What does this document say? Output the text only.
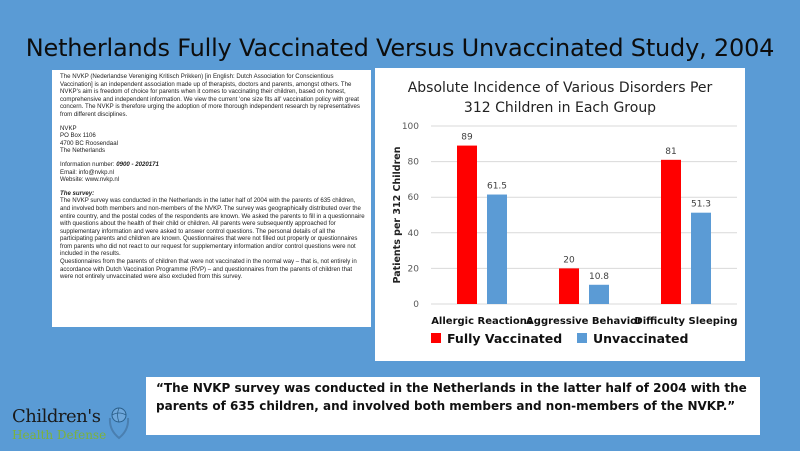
Netherlands Fully Vaccinated Versus Unvaccinated Study, 2004

The NVKP (Nederlandse Vereniging Kritisch Prikken) [in English: Dutch Association for Conscientious Vaccination] is an independent association made up of therapists, doctors and parents, amongst others. The NVKP's aim is freedom of choice for parents when it comes to vaccinating their children, based on honest, comprehensive and independent information. We view the current 'one size fits all' vaccination policy with great concern. The NVKP is therefore urging the adoption of more thorough independent research by representatives from different disciplines.

NVKP
PO Box 1106
4700 BC Roosendaal
The Netherlands

Information number: 0900 - 2020171
Email: info@nvkp.nl
Website: www.nvkp.nl

The survey:
The NVKP survey was conducted in the Netherlands in the latter half of 2004 with the parents of 635 children, and involved both members and non-members of the NVKP. The survey was geographically distributed over the entire country, and the postal codes of the respondents are known. We asked the parents to fill in a questionnaire with questions about the health of their child or children. All parents were subsequently approached for supplementary information and were asked to answer control questions. The personal details of all the participating parents and children are known. Questionnaires that were not filled out properly or questionnaires from parents who did not react to our request for supplementary information and/or control questions were not included in the results.
Questionnaires from the parents of children that were not vaccinated in the normal way – that is, not entirely in accordance with Dutch Vaccination Programme (RVP) – and questionnaires from the parents of children that were not entirely unvaccinated were also excluded from this survey.

Absolute Incidence of Various Disorders Per
312 Children in Each Group
0
20
40
60
80
100
Patients per 312 Children
89
61.5
Allergic Reactions
20
10.8
Aggressive Behavior
81
51.3
Difficulty Sleeping
Fully Vaccinated Unvaccinated
“The NVKP survey was conducted in the Netherlands in the latter half of 2004 with the parents of 635 children, and involved both members and non-members of the NVKP.”
Children's
Health Defense
